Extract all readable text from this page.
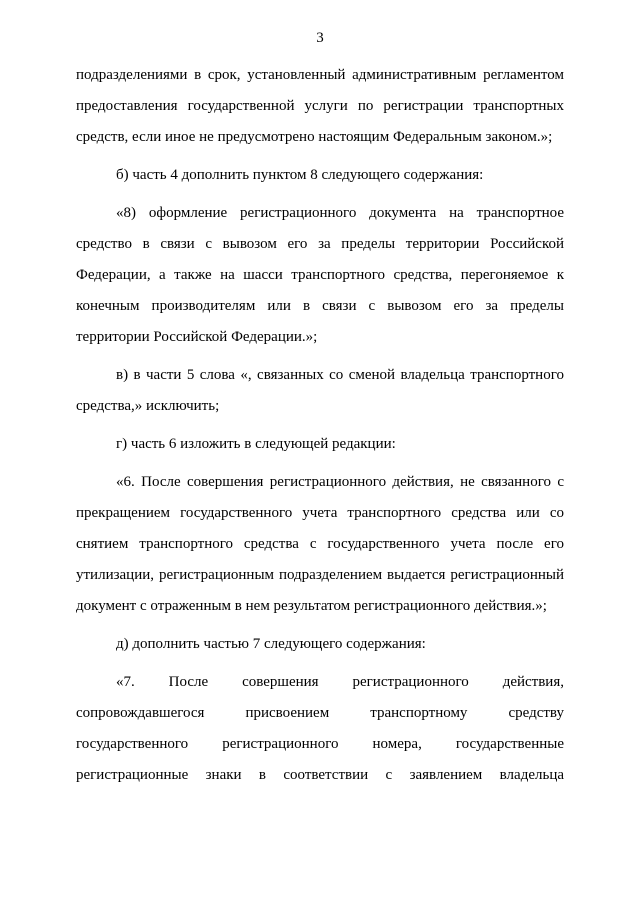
3
подразделениями в срок, установленный административным регламентом
предоставления государственной услуги по регистрации транспортных
средств, если иное не предусмотрено настоящим Федеральным законом.»;
б) часть 4 дополнить пунктом 8 следующего содержания:
«8) оформление регистрационного документа на транспортное
средство в связи с вывозом его за пределы территории Российской
Федерации, а также на шасси транспортного средства, перегоняемое к
конечным производителям или в связи с вывозом его за пределы
территории Российской Федерации.»;
в) в части 5 слова «, связанных со сменой владельца транспортного
средства,» исключить;
г) часть 6 изложить в следующей редакции:
«6. После совершения регистрационного действия, не связанного с
прекращением государственного учета транспортного средства или со
снятием транспортного средства с государственного учета после его
утилизации, регистрационным подразделением выдается регистрационный
документ с отраженным в нем результатом регистрационного действия.»;
д) дополнить частью 7 следующего содержания:
«7. После совершения регистрационного действия,
сопровождавшегося присвоением транспортному средству
государственного регистрационного номера, государственные
регистрационные знаки в соответствии с заявлением владельца
